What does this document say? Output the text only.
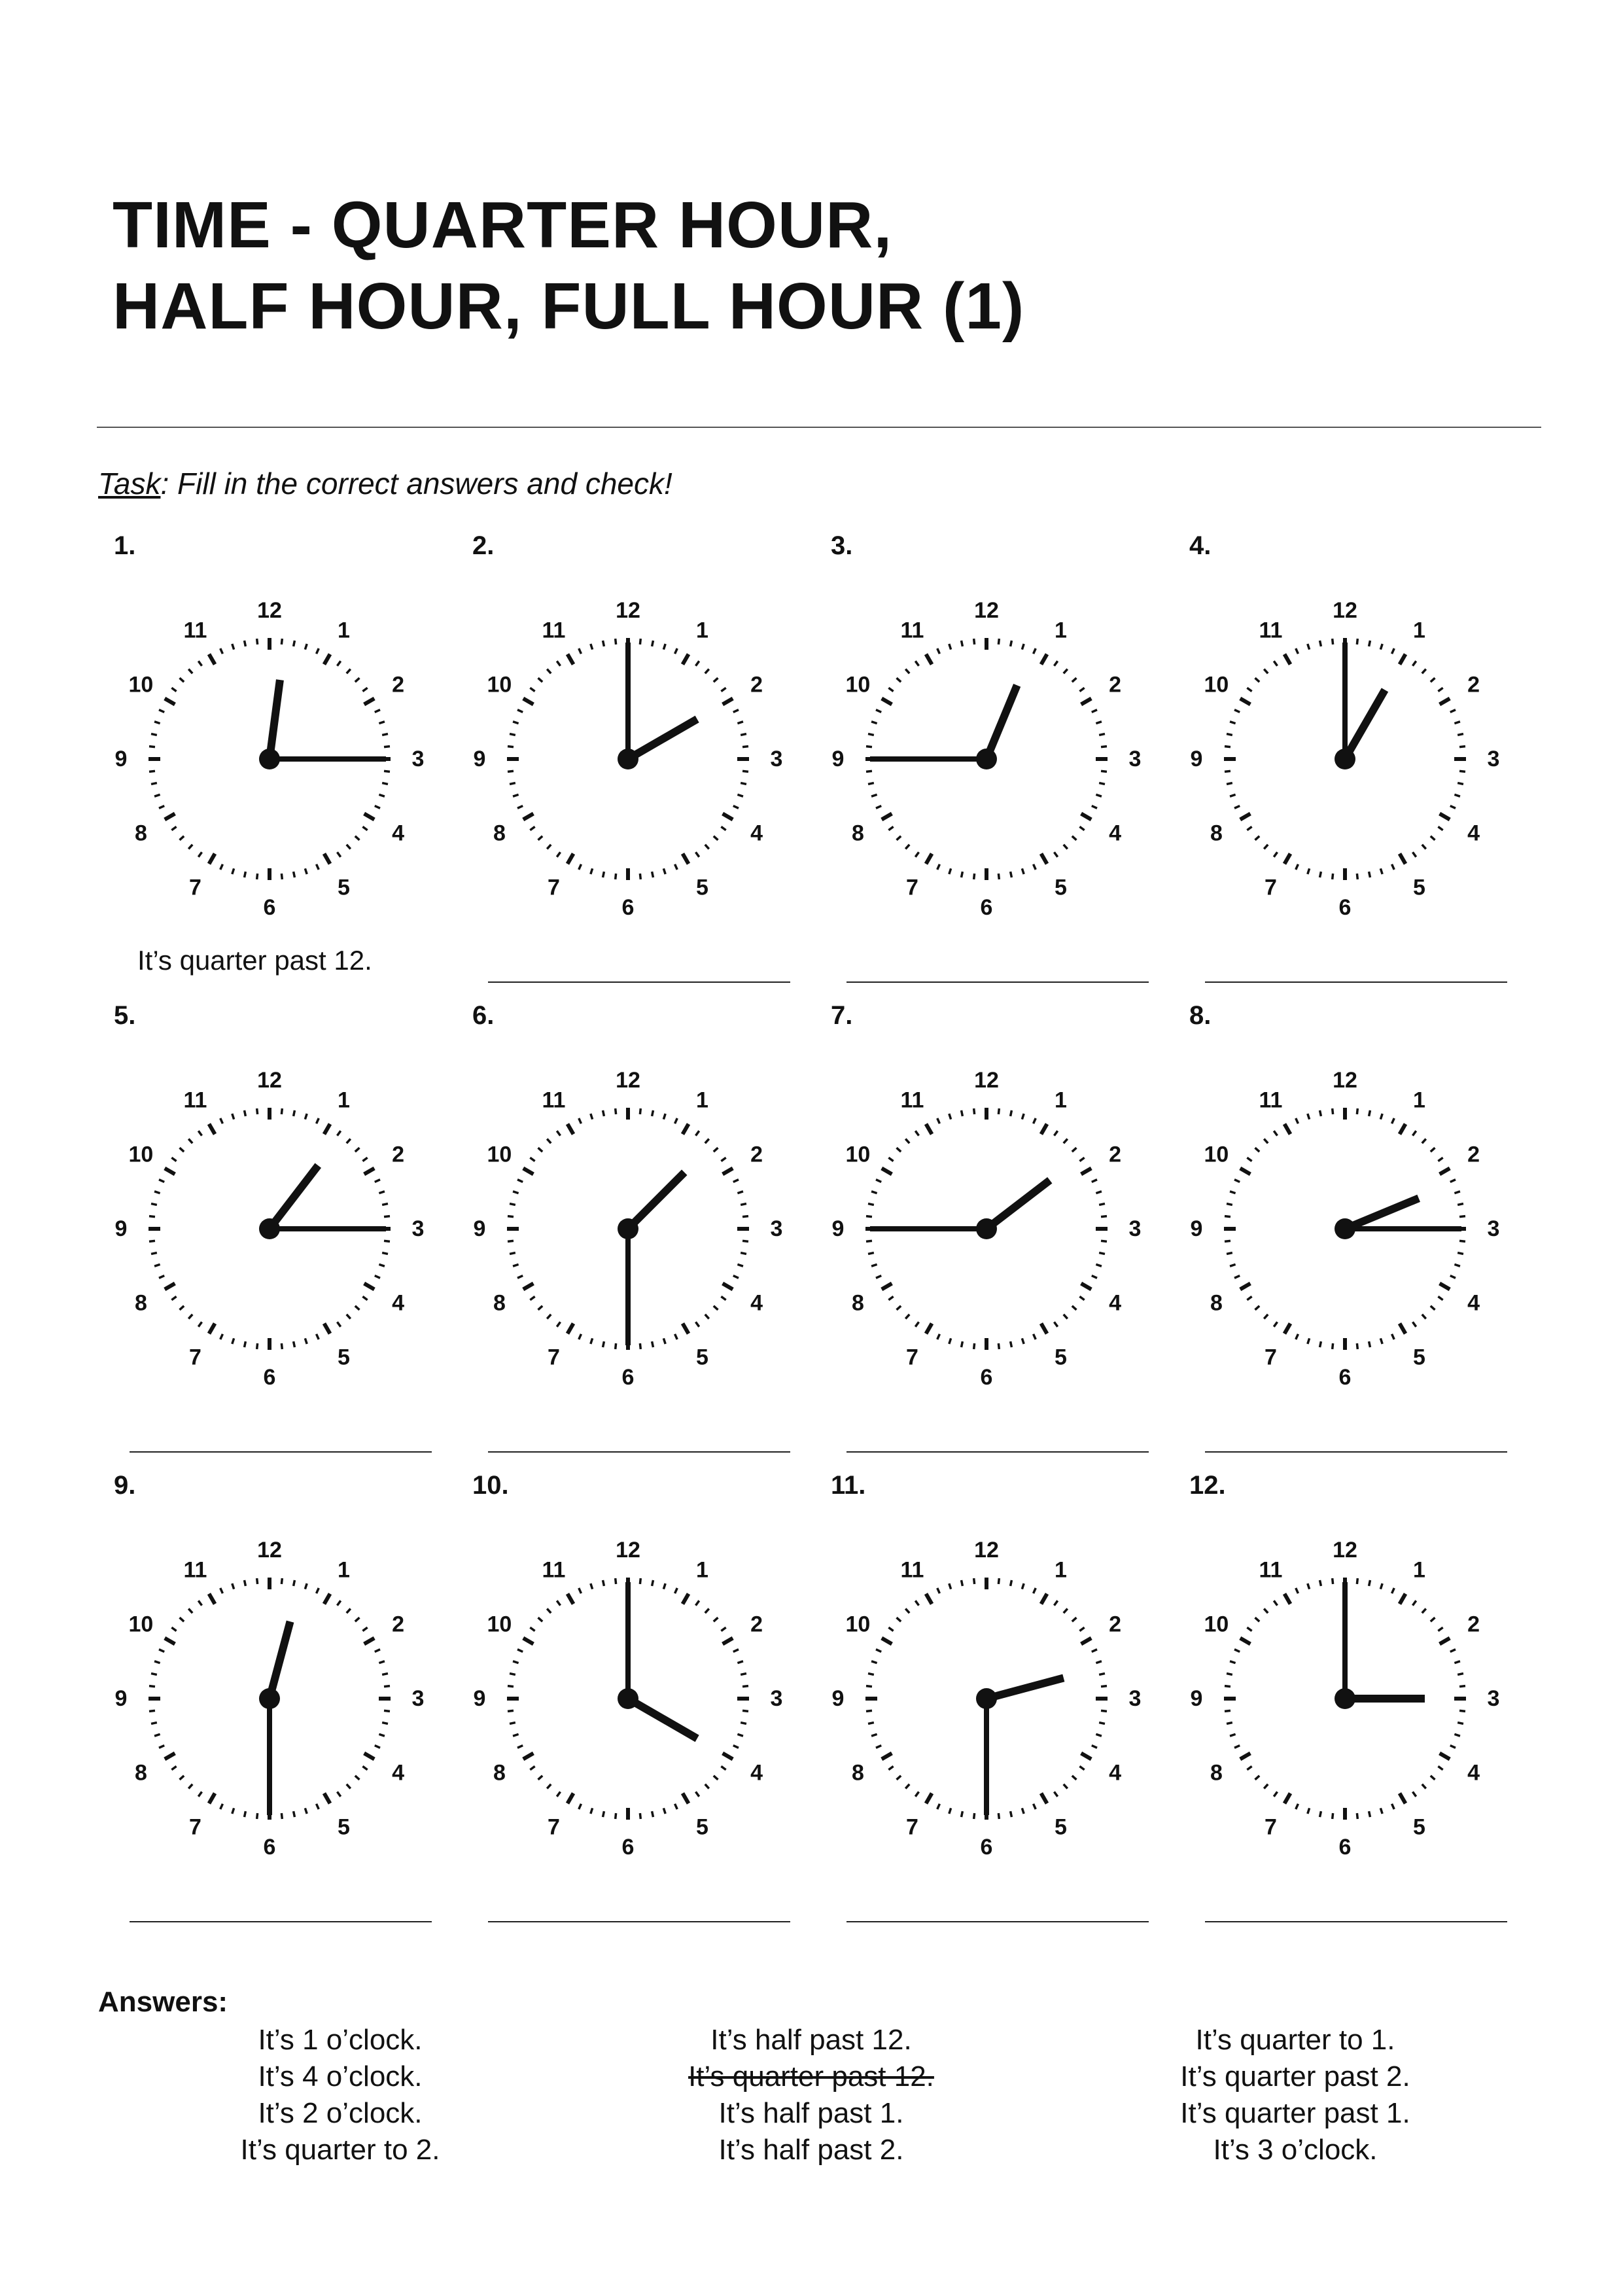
TIME - QUARTER HOUR,
HALF HOUR, FULL HOUR (1)
Task: Fill in the correct answers and check!
1.
12
1
2
3
4
5
6
7
8
9
10
11
It’s quarter past 12.
2.
12
1
2
3
4
5
6
7
8
9
10
11
3.
12
1
2
3
4
5
6
7
8
9
10
11
4.
12
1
2
3
4
5
6
7
8
9
10
11
5.
12
1
2
3
4
5
6
7
8
9
10
11
6.
12
1
2
3
4
5
6
7
8
9
10
11
7.
12
1
2
3
4
5
6
7
8
9
10
11
8.
12
1
2
3
4
5
6
7
8
9
10
11
9.
12
1
2
3
4
5
6
7
8
9
10
11
10.
12
1
2
3
4
5
6
7
8
9
10
11
11.
12
1
2
3
4
5
6
7
8
9
10
11
12.
12
1
2
3
4
5
6
7
8
9
10
11
Answers:
It’s 1 o’clock.
It’s 4 o’clock.
It’s 2 o’clock.
It’s quarter to 2.
It’s half past 12.
It’s quarter past 12.
It’s half past 1.
It’s half past 2.
It’s quarter to 1.
It’s quarter past 2.
It’s quarter past 1.
It’s 3 o’clock.
